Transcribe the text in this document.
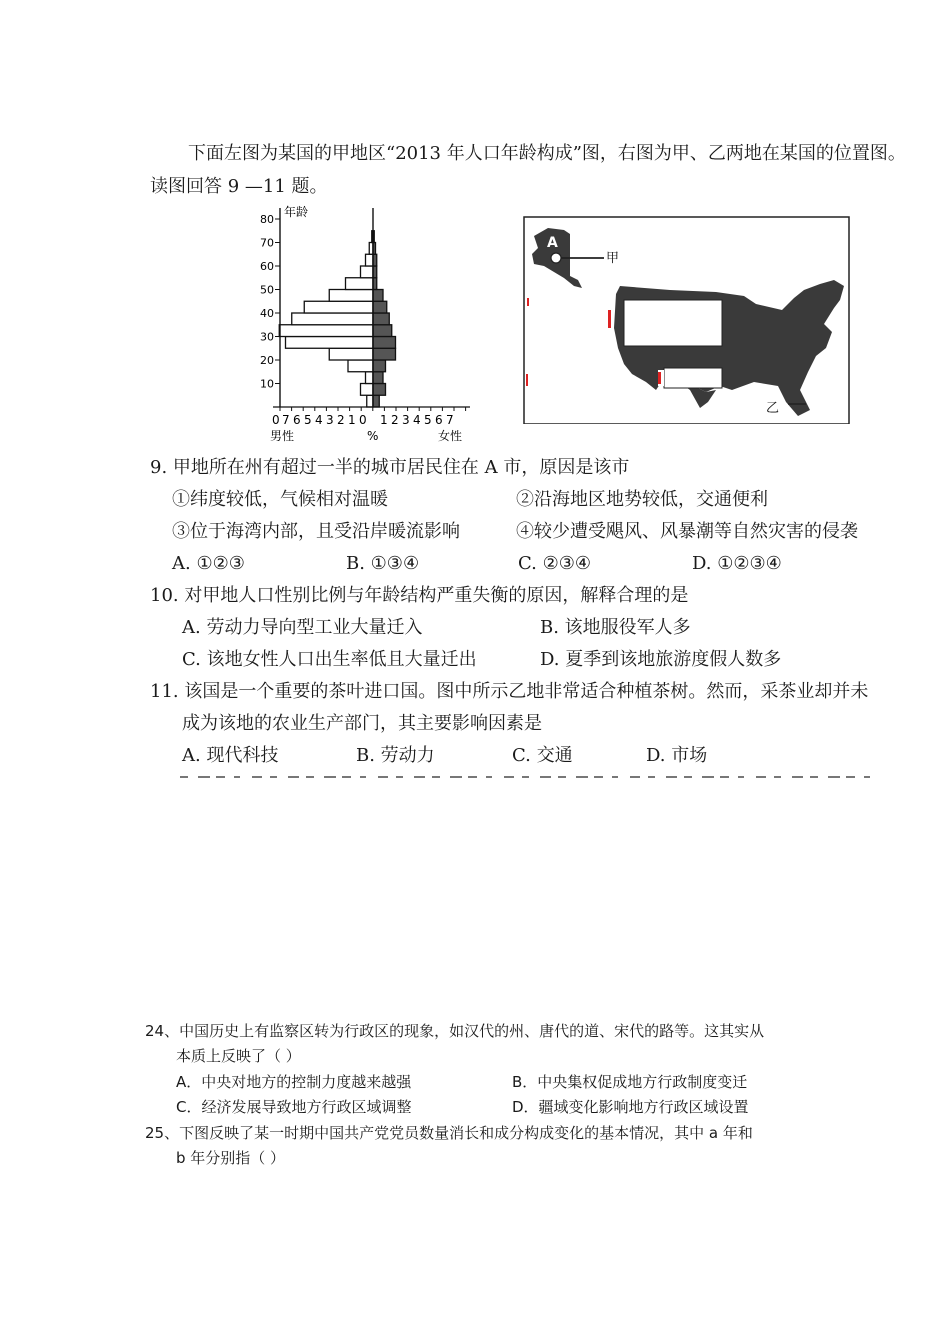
下面左图为某国的甲地区“2013 年人口年龄构成”图，右图为甲、乙两地在某国的位置图。
读图回答 9 —11 题。
80
70
60
50
40
30
20
10
0 7 6 5 4 3 2 1 0 1 2 3 4 5 6 7
年龄
男性	%	女性
A
甲
乙
9. 甲地所在州有超过一半的城市居民住在 A 市，原因是该市
①纬度较低，气候相对温暖	②沿海地区地势较低，交通便利
③位于海湾内部，且受沿岸暖流影响	④较少遭受飓风、风暴潮等自然灾害的侵袭
A. ①②③	B. ①③④	C. ②③④	D. ①②③④
10. 对甲地人口性别比例与年龄结构严重失衡的原因，解释合理的是
A. 劳动力导向型工业大量迁入	B. 该地服役军人多
C. 该地女性人口出生率低且大量迁出	D. 夏季到该地旅游度假人数多
11. 该国是一个重要的茶叶进口国。图中所示乙地非常适合种植茶树。然而，采茶业却并未
成为该地的农业生产部门，其主要影响因素是
A. 现代科技	B. 劳动力	C. 交通	D. 市场
24、中国历史上有监察区转为行政区的现象，如汉代的州、唐代的道、宋代的路等。这其实从
本质上反映了（ ）
A．中央对地方的控制力度越来越强	B．中央集权促成地方行政制度变迁
C．经济发展导致地方行政区域调整	D．疆域变化影响地方行政区域设置
25、下图反映了某一时期中国共产党党员数量消长和成分构成变化的基本情况，其中 a 年和
b 年分别指（ ）
